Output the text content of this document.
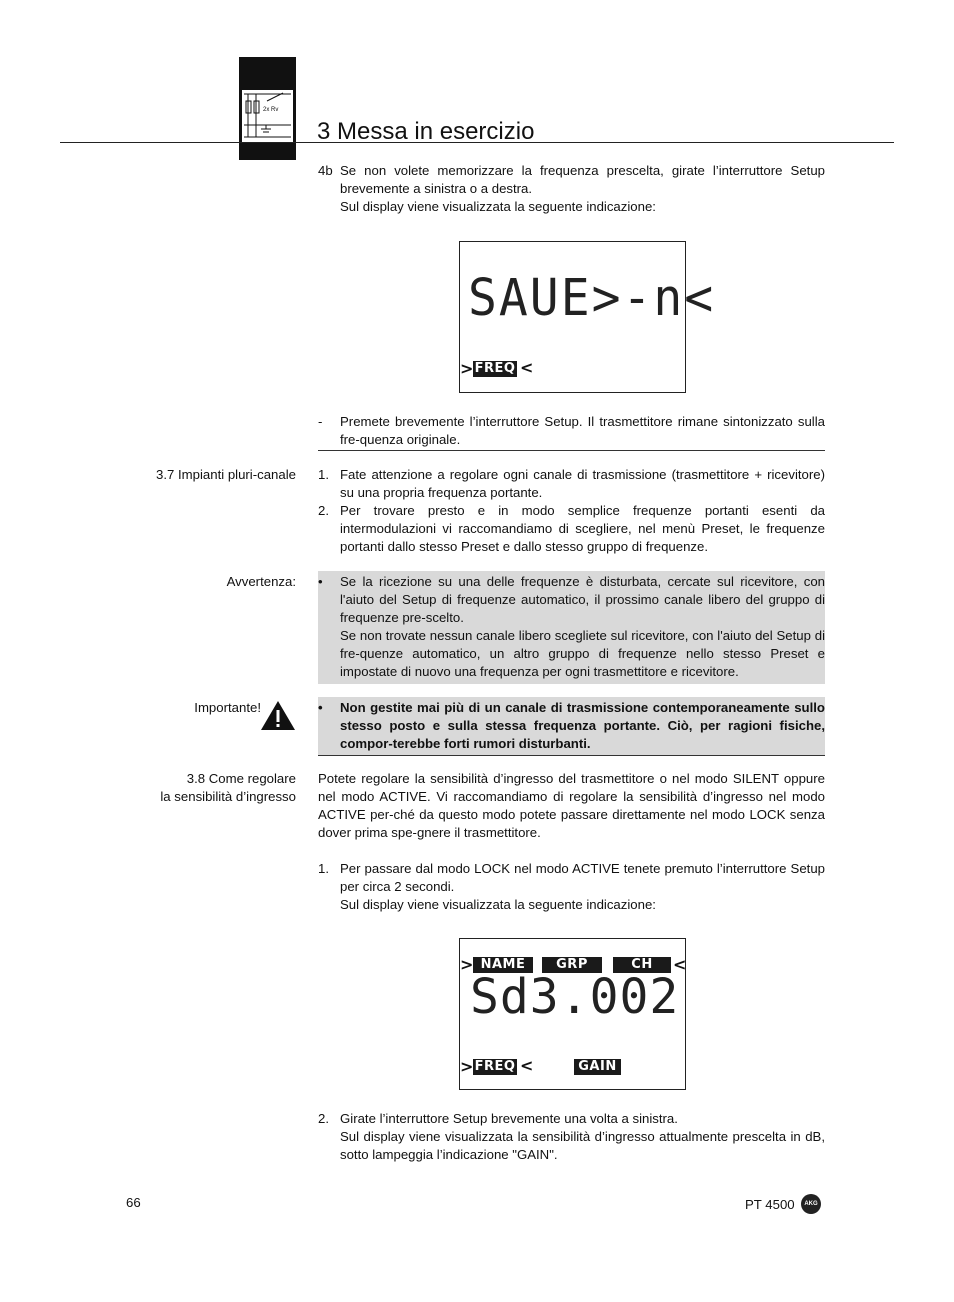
2x Rv
3 Messa in esercizio
4b Se non volete memorizzare la frequenza prescelta, girate l’interruttore Setup brevemente a sinistra o a destra.
Sul display viene visualizzata la seguente indicazione:
SAUE>-n<
> FREQ <
- Premete brevemente l’interruttore Setup. Il trasmettitore rimane sintonizzato sulla fre-quenza originale.
3.7 Impianti pluri-canale 1. Fate attenzione a regolare ogni canale di trasmissione (trasmettitore + ricevitore) su una propria frequenza portante.
2. Per trovare presto e in modo semplice frequenze portanti esenti da intermodulazioni vi raccomandiamo di scegliere, nel menù Preset, le frequenze portanti dallo stesso Preset e dallo stesso gruppo di frequenze.
Avvertenza: • Se la ricezione su una delle frequenze è disturbata, cercate sul ricevitore, con l'aiuto del Setup di frequenze automatico, il prossimo canale libero del gruppo di frequenze pre-scelto.
Se non trovate nessun canale libero scegliete sul ricevitore, con l'aiuto del Setup di fre-quenze automatico, un altro gruppo di frequenze nello stesso Preset e impostate di nuovo una frequenza per ogni trasmettitore e ricevitore.
Importante!	• Non gestite mai più di un canale di trasmissione contemporaneamente sullo stesso posto e sulla stessa frequenza portante. Ciò, per ragioni fisiche, compor-terebbe forti rumori disturbanti.
3.8 Come regolare
la sensibilità d’ingresso
Potete regolare la sensibilità d’ingresso del trasmettitore o nel modo SILENT oppure nel modo ACTIVE. Vi raccomandiamo di regolare la sensibilità d’ingresso nel modo ACTIVE per-ché da questo modo potete passare direttamente nel modo LOCK senza dover prima spe-gnere il trasmettitore.
1. Per passare dal modo LOCK nel modo ACTIVE tenete premuto l’interruttore Setup per circa 2 secondi.
Sul display viene visualizzata la seguente indicazione:
> NAME	GRP	CH	<
Sd3.002
> FREQ <	GAIN
2. Girate l’interruttore Setup brevemente una volta a sinistra.
Sul display viene visualizzata la sensibilità d’ingresso attualmente prescelta in dB, sotto lampeggia l’indicazione "GAIN".
66	PT 4500	AKG
